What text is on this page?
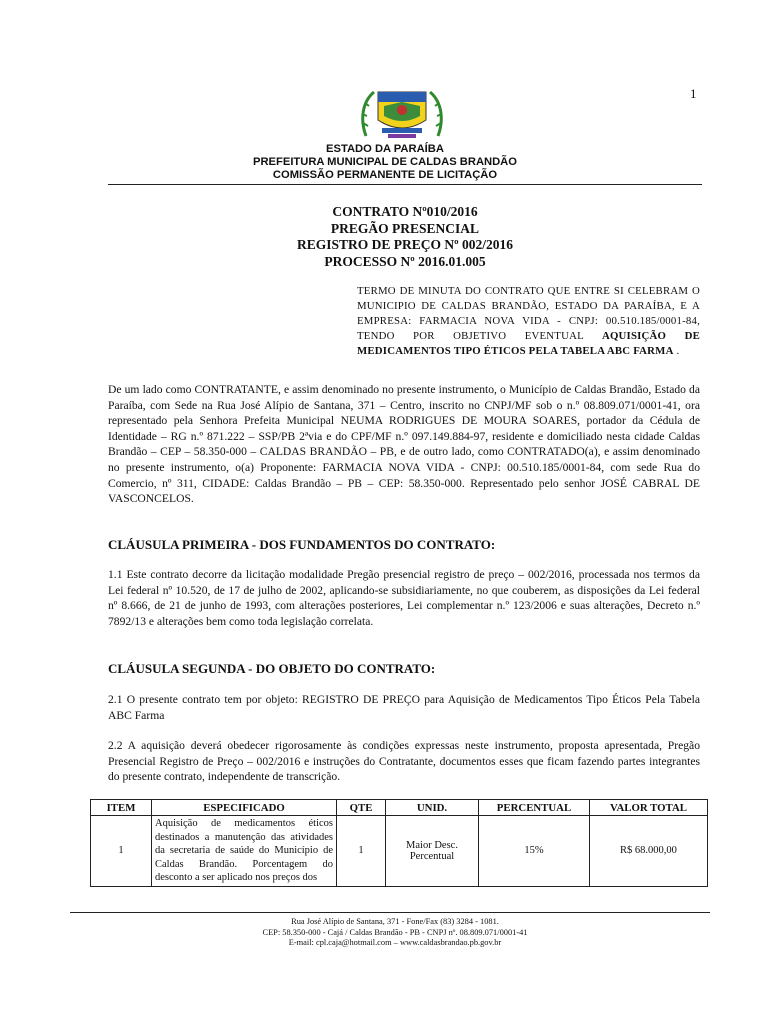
1
ESTADO DA PARAÍBA
PREFEITURA MUNICIPAL DE CALDAS BRANDÃO
COMISSÃO PERMANENTE DE LICITAÇÃO
CONTRATO Nº010/2016
PREGÃO PRESENCIAL
REGISTRO DE PREÇO Nº 002/2016
PROCESSO Nº 2016.01.005
TERMO DE MINUTA DO CONTRATO QUE ENTRE SI CELEBRAM O MUNICIPIO DE CALDAS BRANDÃO, ESTADO DA PARAÍBA, E A EMPRESA: FARMACIA NOVA VIDA - CNPJ: 00.510.185/0001-84, TENDO POR OBJETIVO EVENTUAL AQUISIÇÃO DE MEDICAMENTOS TIPO ÉTICOS PELA TABELA ABC FARMA .
De um lado como CONTRATANTE, e assim denominado no presente instrumento, o Município de Caldas Brandão, Estado da Paraíba, com Sede na Rua José Alípio de Santana, 371 – Centro, inscrito no CNPJ/MF sob o n.º 08.809.071/0001-41, ora representado pela Senhora Prefeita Municipal NEUMA RODRIGUES DE MOURA SOARES, portador da Cédula de Identidade – RG n.º 871.222 – SSP/PB 2ªvia e do CPF/MF n.º 097.149.884-97, residente e domiciliado nesta cidade Caldas Brandão – CEP – 58.350-000 – CALDAS BRANDÃO – PB, e de outro lado, como CONTRATADO(a), e assim denominado no presente instrumento, o(a) Proponente: FARMACIA NOVA VIDA - CNPJ: 00.510.185/0001-84, com sede Rua do Comercio, nº 311, CIDADE: Caldas Brandão – PB – CEP: 58.350-000. Representado pelo senhor JOSÉ CABRAL DE VASCONCELOS.
CLÁUSULA PRIMEIRA - DOS FUNDAMENTOS DO CONTRATO:
1.1 Este contrato decorre da licitação modalidade Pregão presencial registro de preço – 002/2016, processada nos termos da Lei federal nº 10.520, de 17 de julho de 2002, aplicando-se subsidiariamente, no que couberem, as disposições da Lei federal nº 8.666, de 21 de junho de 1993, com alterações posteriores, Lei complementar n.º 123/2006 e suas alterações, Decreto n.º 7892/13 e alterações bem como toda legislação correlata.
CLÁUSULA SEGUNDA - DO OBJETO DO CONTRATO:
2.1 O presente contrato tem por objeto: REGISTRO DE PREÇO para Aquisição de Medicamentos Tipo Éticos Pela Tabela ABC Farma
2.2 A aquisição deverá obedecer rigorosamente às condições expressas neste instrumento, proposta apresentada, Pregão Presencial Registro de Preço – 002/2016 e instruções do Contratante, documentos esses que ficam fazendo partes integrantes do presente contrato, independente de transcrição.
ITEM	ESPECIFICADO	QTE	UNID.	PERCENTUAL	VALOR TOTAL
1	Aquisição de medicamentos éticos destinados a manutenção das atividades da secretaria de saúde do Município de Caldas Brandão. Porcentagem do desconto a ser aplicado nos preços dos	1	Maior Desc. Percentual	15%	R$ 68.000,00
Rua José Alípio de Santana, 371 - Fone/Fax (83) 3284 - 1081.
CEP: 58.350-000 - Cajá / Caldas Brandão - PB - CNPJ nº. 08.809.071/0001-41
E-mail: cpl.caja@hotmail.com – www.caldasbrandao.pb.gov.br
